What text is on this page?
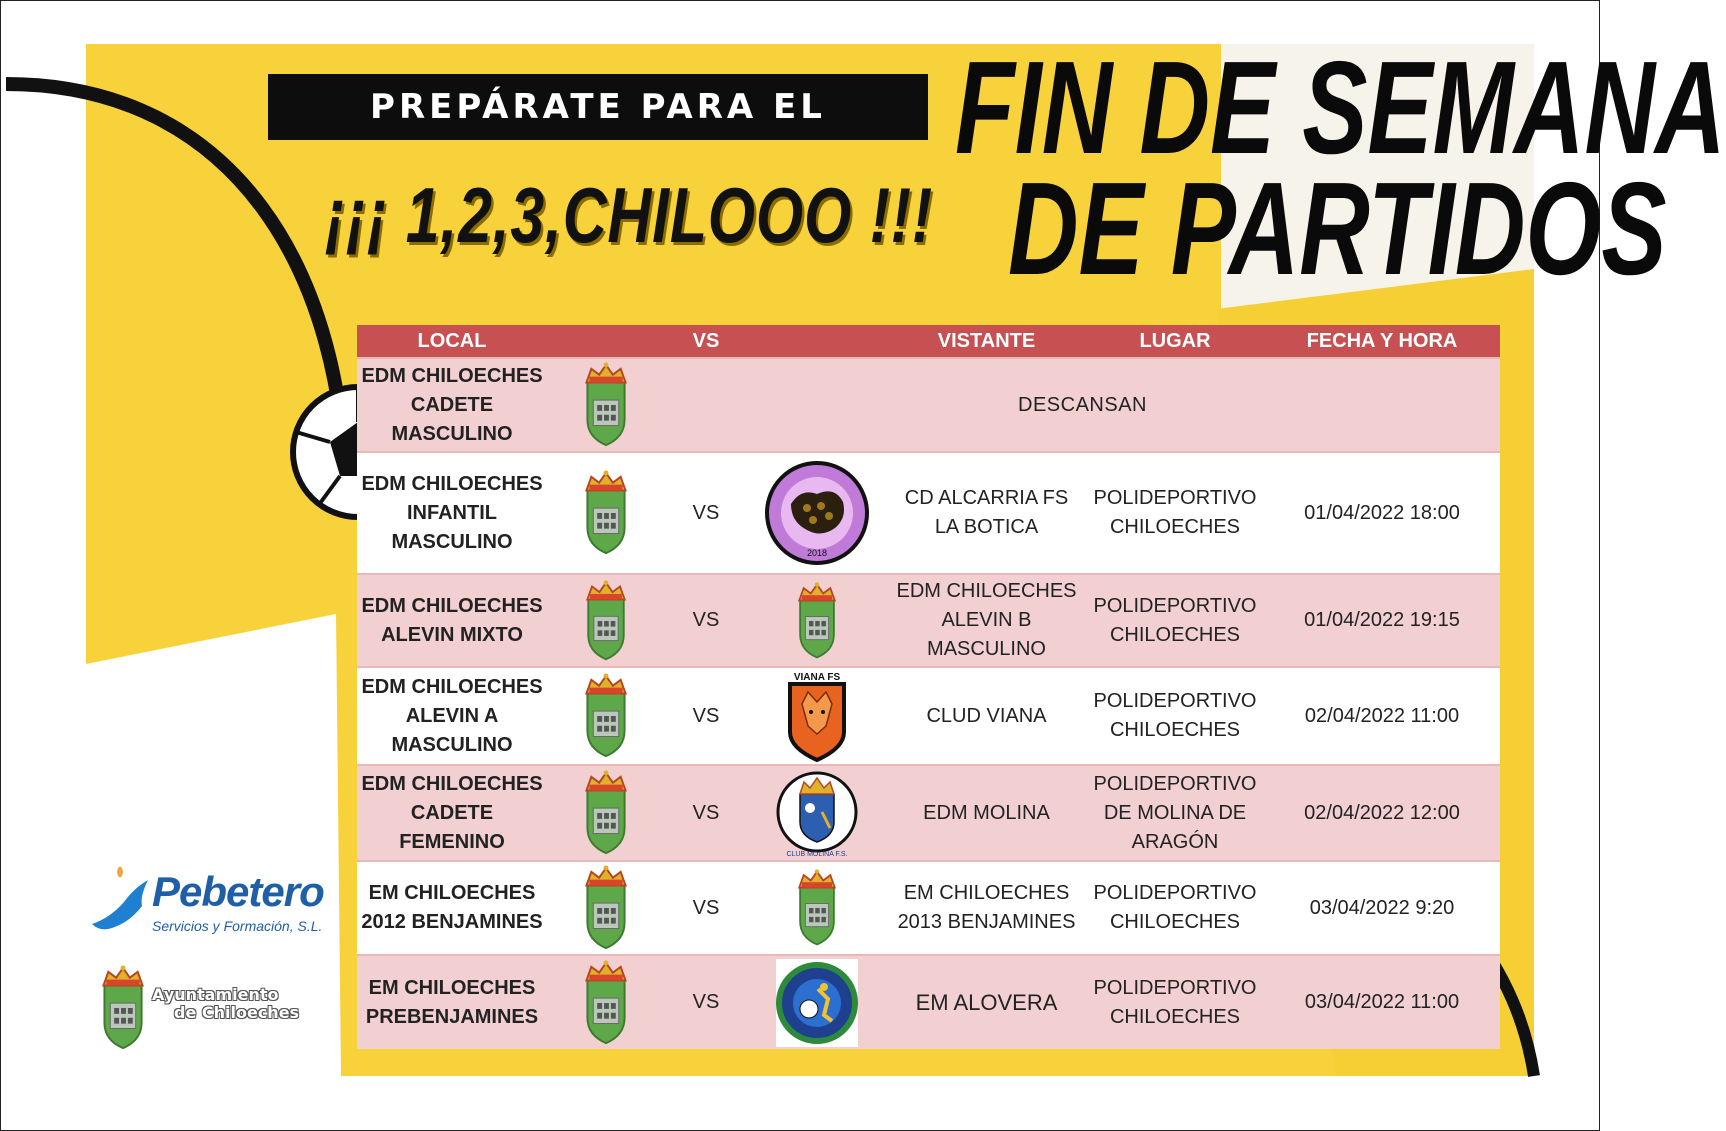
PREPÁRATE PARA EL
¡¡¡ 1,2,3,CHILOOO !!!
FIN DE SEMANA
DE PARTIDOS
LOCAL		VS		VISTANTE	LUGAR	FECHA Y HORA
EDM CHILOECHES CADETE MASCULINO		DESCANSAN				
EDM CHILOECHES INFANTIL MASCULINO		VS	2018	CD ALCARRIA FS LA BOTICA	POLIDEPORTIVO CHILOECHES	01/04/2022 18:00
EDM CHILOECHES ALEVIN MIXTO		VS		EDM CHILOECHES ALEVIN B MASCULINO	POLIDEPORTIVO CHILOECHES	01/04/2022 19:15
EDM CHILOECHES ALEVIN A MASCULINO		VS	VIANA FS	CLUD VIANA	POLIDEPORTIVO CHILOECHES	02/04/2022 11:00
EDM CHILOECHES CADETE FEMENINO		VS	CLUB MOLINA F.S.	EDM MOLINA	POLIDEPORTIVO DE MOLINA DE ARAGÓN	02/04/2022 12:00
EM CHILOECHES 2012 BENJAMINES		VS		EM CHILOECHES 2013 BENJAMINES	POLIDEPORTIVO CHILOECHES	03/04/2022 9:20
EM CHILOECHES PREBENJAMINES		VS		EM ALOVERA	POLIDEPORTIVO CHILOECHES	03/04/2022 11:00
Pebetero
Servicios y Formación, S.L.
Ayuntamiento
de Chiloeches
